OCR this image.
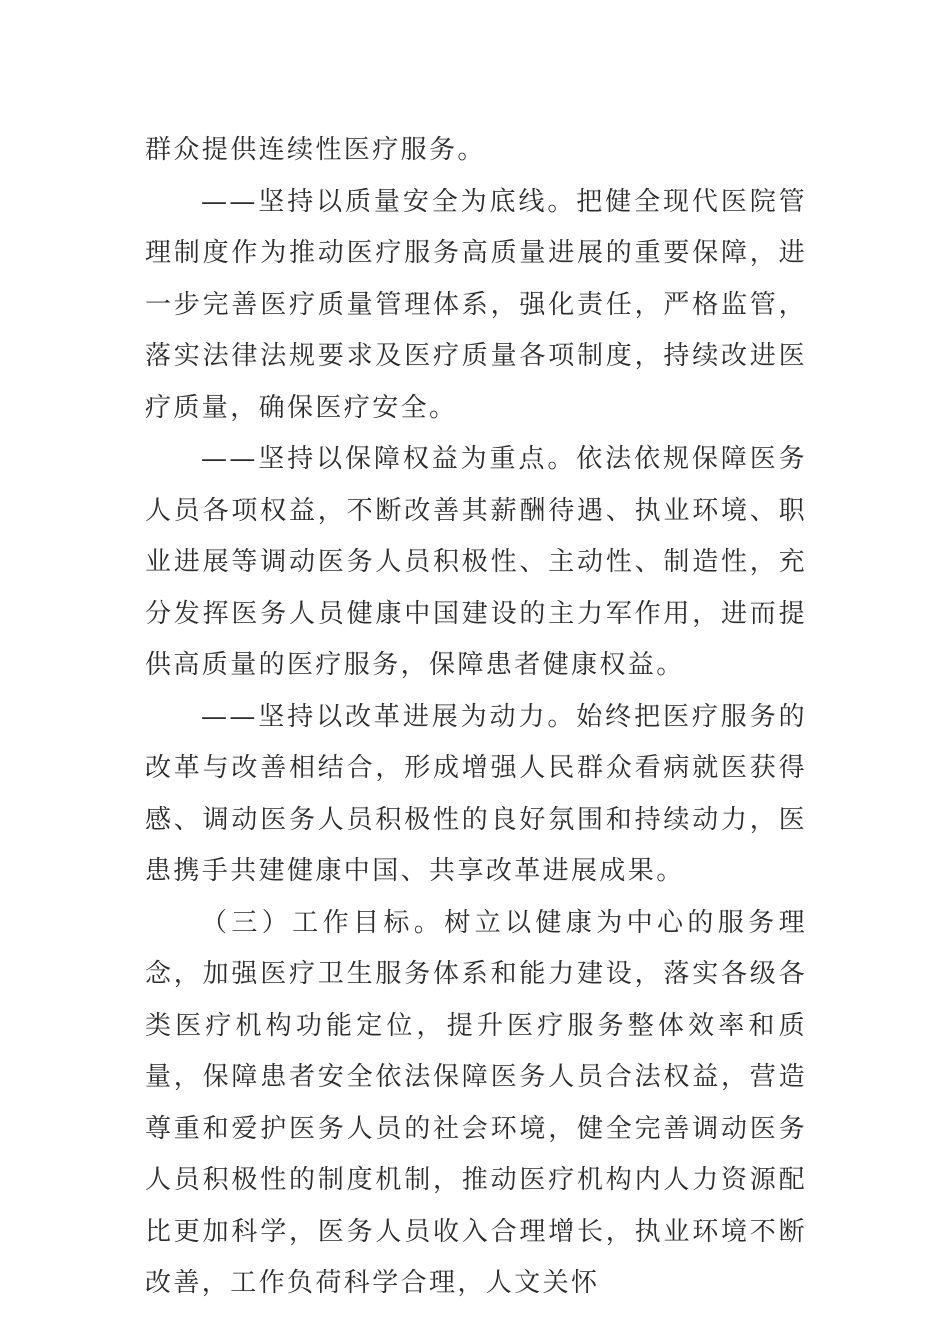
群众提供连续性医疗服务。

——坚持以质量安全为底线。把健全现代医院管理制度作为推动医疗服务高质量进展的重要保障，进一步完善医疗质量管理体系，强化责任，严格监管，落实法律法规要求及医疗质量各项制度，持续改进医疗质量，确保医疗安全。

——坚持以保障权益为重点。依法依规保障医务人员各项权益，不断改善其薪酬待遇、执业环境、职业进展等调动医务人员积极性、主动性、制造性，充分发挥医务人员健康中国建设的主力军作用，进而提供高质量的医疗服务，保障患者健康权益。

——坚持以改革进展为动力。始终把医疗服务的改革与改善相结合，形成增强人民群众看病就医获得感、调动医务人员积极性的良好氛围和持续动力，医患携手共建健康中国、共享改革进展成果。

（三）工作目标。树立以健康为中心的服务理念，加强医疗卫生服务体系和能力建设，落实各级各类医疗机构功能定位，提升医疗服务整体效率和质量，保障患者安全依法保障医务人员合法权益，营造尊重和爱护医务人员的社会环境，健全完善调动医务人员积极性的制度机制，推动医疗机构内人力资源配比更加科学，医务人员收入合理增长，执业环境不断改善，工作负荷科学合理，人文关怀
